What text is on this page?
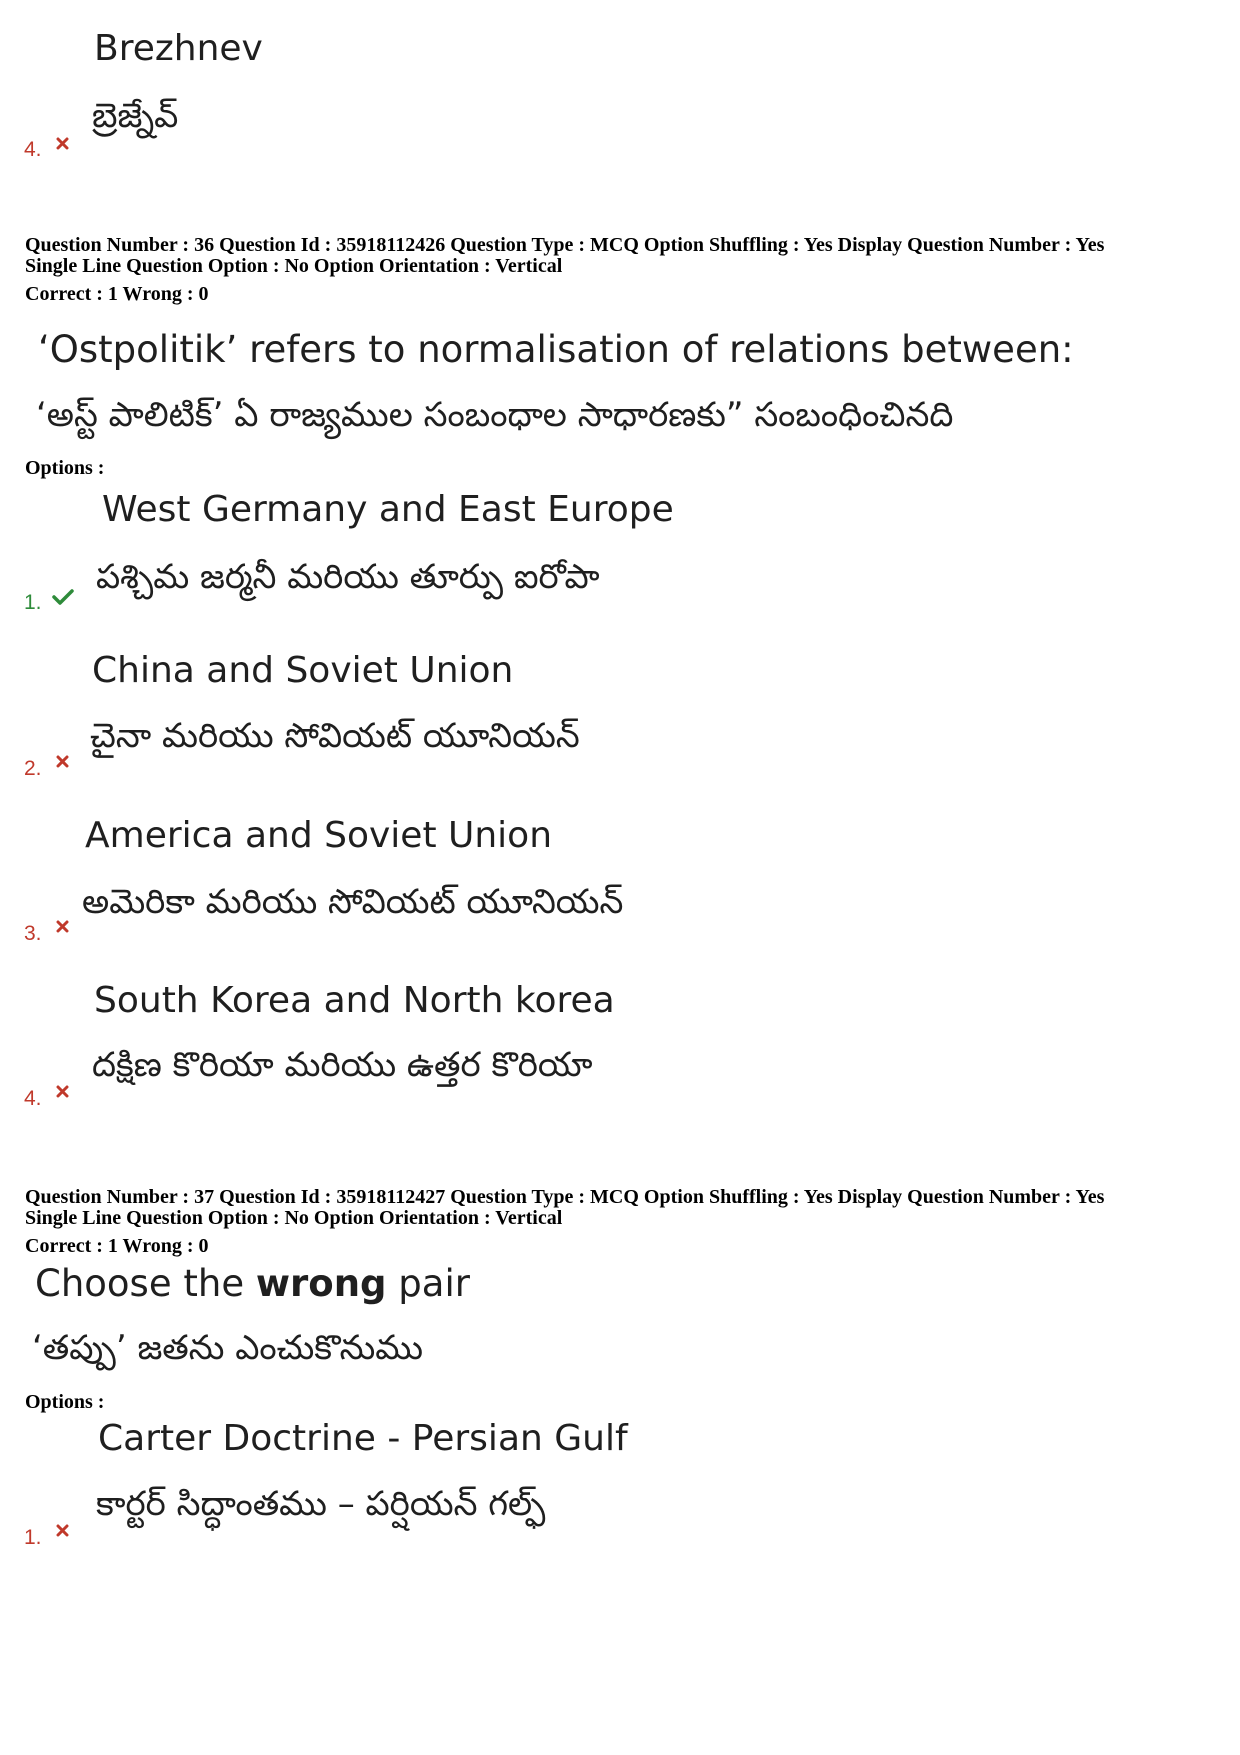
Brezhnev
బ్రెజ్నేవ్
4.
Question Number : 36 Question Id : 35918112426 Question Type : MCQ Option Shuffling : Yes Display Question Number : Yes
Single Line Question Option : No Option Orientation : Vertical
Correct : 1 Wrong : 0
‘Ostpolitik’ refers to normalisation of relations between:
‘అస్ట్ పాలిటిక్’ ఏ రాజ్యముల సంబంధాల సాధారణకు” సంబంధించినది
Options :
West Germany and East Europe
పశ్చిమ జర్మనీ మరియు తూర్పు ఐరోపా
1.
China and Soviet Union
చైనా మరియు సోవియట్ యూనియన్
2.
America and Soviet Union
అమెరికా మరియు సోవియట్ యూనియన్
3.
South Korea and North korea
దక్షిణ కొరియా మరియు ఉత్తర కొరియా
4.
Question Number : 37 Question Id : 35918112427 Question Type : MCQ Option Shuffling : Yes Display Question Number : Yes
Single Line Question Option : No Option Orientation : Vertical
Correct : 1 Wrong : 0
Choose the wrong pair
‘తప్పు’ జతను ఎంచుకొనుము
Options :
Carter Doctrine - Persian Gulf
కార్టర్ సిద్ధాంతము – పర్షియన్ గల్ఫ్
1.
